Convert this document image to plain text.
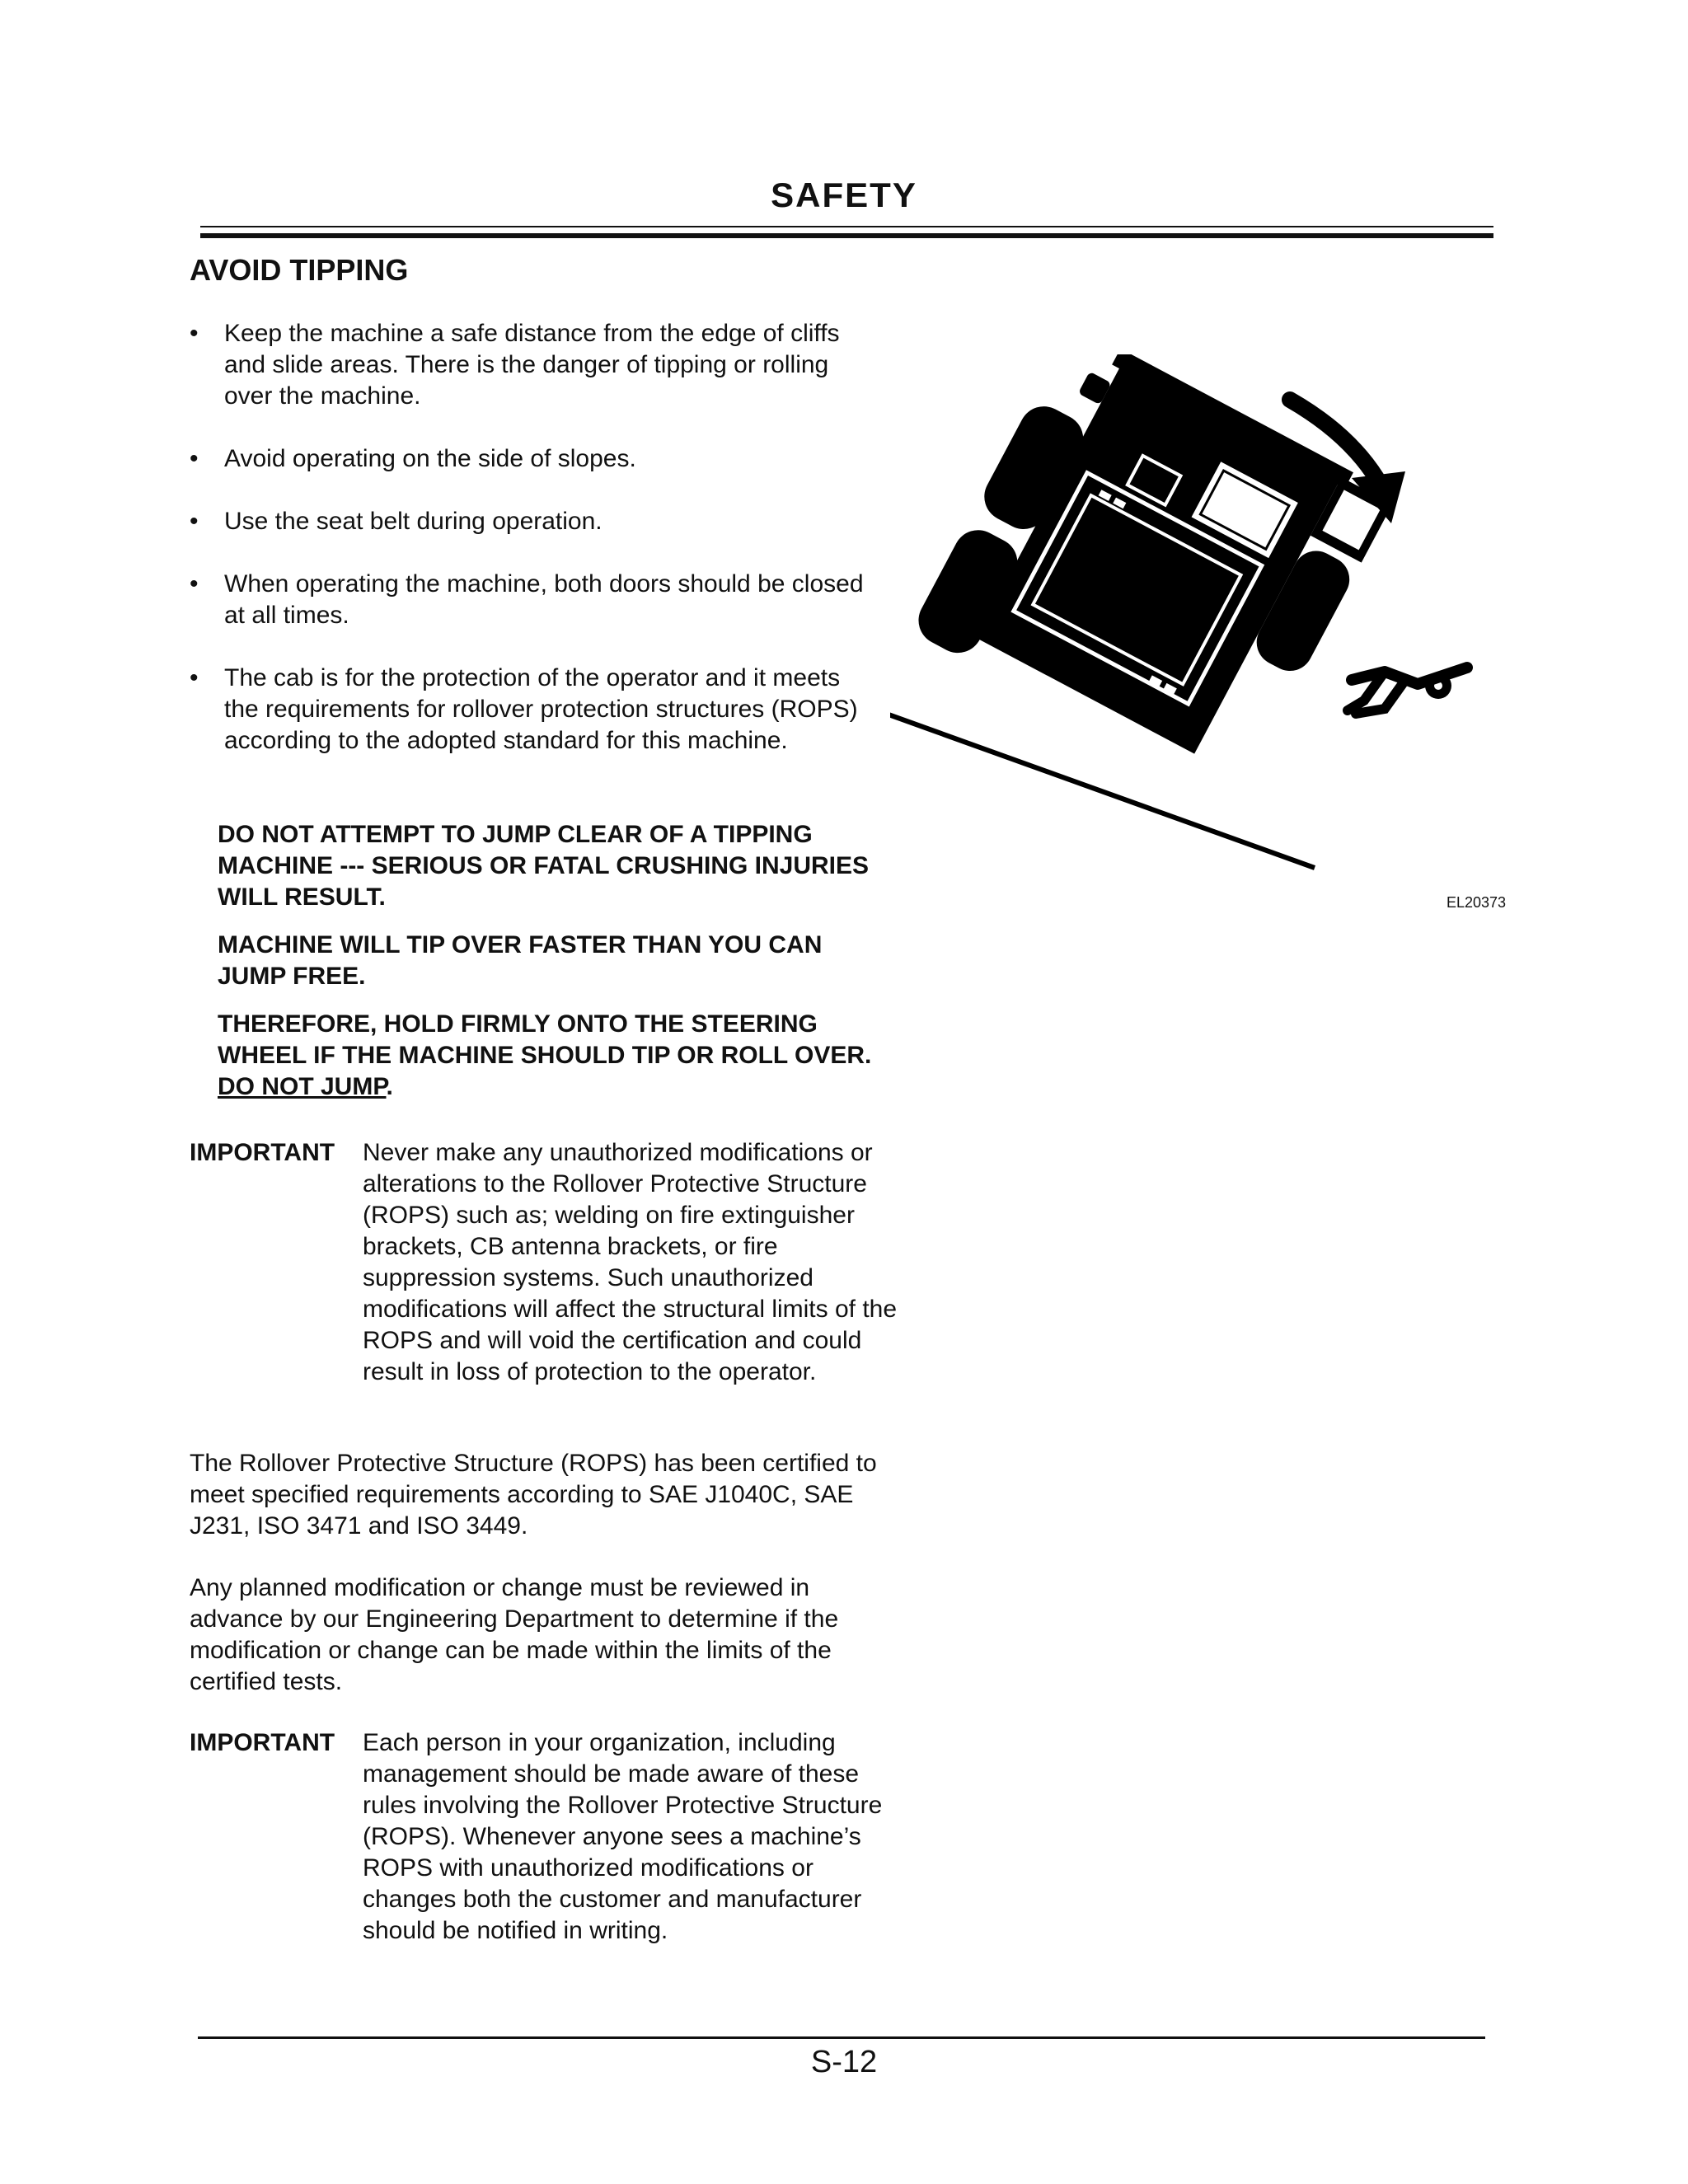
SAFETY
AVOID TIPPING
• Keep the machine a safe distance from the edge of cliffs and slide areas. There is the danger of tipping or rolling over the machine.
• Avoid operating on the side of slopes.
• Use the seat belt during operation.
• When operating the machine, both doors should be closed at all times.
• The cab is for the protection of the operator and it meets the requirements for rollover protection structures (ROPS) according to the adopted standard for this machine.

DO NOT ATTEMPT TO JUMP CLEAR OF A TIPPING MACHINE --- SERIOUS OR FATAL CRUSHING INJURIES WILL RESULT.

MACHINE WILL TIP OVER FASTER THAN YOU CAN JUMP FREE.

THEREFORE, HOLD FIRMLY ONTO THE STEERING WHEEL IF THE MACHINE SHOULD TIP OR ROLL OVER. DO NOT JUMP.

IMPORTANT	Never make any unauthorized modifications or alterations to the Rollover Protective Structure (ROPS) such as; welding on fire extinguisher brackets, CB antenna brackets, or fire suppression systems. Such unauthorized modifications will affect the structural limits of the ROPS and will void the certification and could result in loss of protection to the operator.

The Rollover Protective Structure (ROPS) has been certified to meet specified requirements according to SAE J1040C, SAE J231, ISO 3471 and ISO 3449.

Any planned modification or change must be reviewed in advance by our Engineering Department to determine if the modification or change can be made within the limits of the certified tests.

IMPORTANT	Each person in your organization, including management should be made aware of these rules involving the Rollover Protective Structure (ROPS). Whenever anyone sees a machine’s ROPS with unauthorized modifications or changes both the customer and manufacturer should be notified in writing.
EL20373
S-12
